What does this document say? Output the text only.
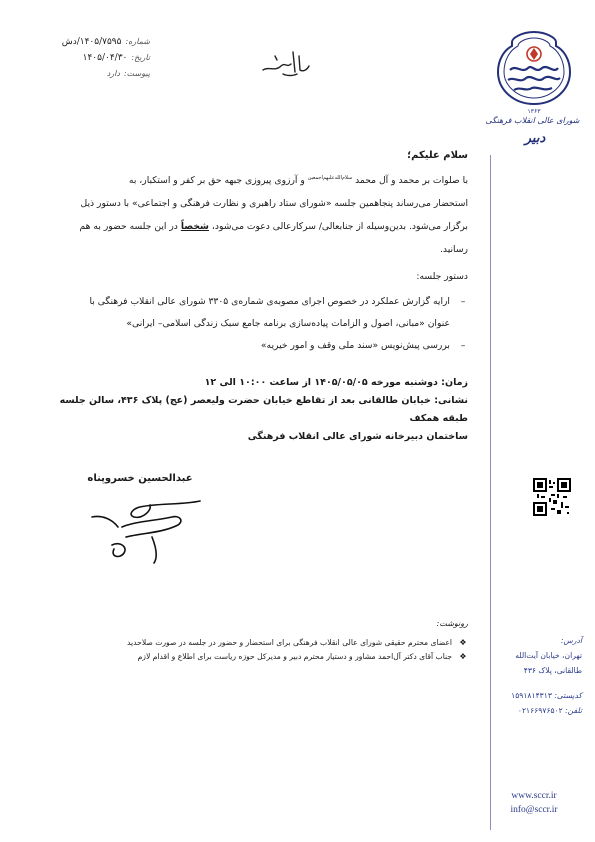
شماره:
۱۴۰۵/۷۵۹۵/دش
تاریخ:
۱۴۰۵/۰۴/۳۰
پیوست:
دارد
۱۳۶۳
شورای عالی انقلاب فرهنگی
دبیر
سلام علیکم؛

با صلوات بر محمد و آل محمد $^{سلام‌الله‌علیهم‌اجمعین}$ و آرزوی پیروزی جبهه حق بر کفر و استکبار، به

استحضار می‌رساند پنجاهمین جلسه «شورای ستاد راهبری و نظارت فرهنگی و اجتماعی» با دستور ذیل

برگزار می‌شود. بدین‌وسیله از جنابعالی/ سرکارعالی دعوت می‌شود، شخصاً در این جلسه حضور به هم

رسانید.

دستور جلسه:
–
ارایه گزارش عملکرد در خصوص اجرای مصوبه‌ی شماره‌ی ۳۳۰۵ شورای عالی انقلاب فرهنگی با
عنوان «مبانی، اصول و الزامات پیاده‌سازی برنامه جامع سبک زندگی اسلامی– ایرانی»
–
بررسی پیش‌نویس «سند ملی وقف و امور خیریه»
زمان: دوشنبه مورخه ۱۴۰۵/۰۵/۰۵ از ساعت ۱۰:۰۰ الی ۱۲
نشانی: خیابان طالقانی بعد از تقاطع خیابان حضرت ولیعصر (عج) پلاک ۴۳۶، سالن جلسه طبقه همکف
ساختمان دبیرخانه شورای عالی انقلاب فرهنگی
عبدالحسین خسروپناه
رونوشت:
❖
اعضای محترم حقیقی شورای عالی انقلاب فرهنگی برای استحضار و حضور در جلسه در صورت صلاحدید
❖
جناب آقای دکتر آل‌احمد مشاور و دستیار محترم دبیر و مدیرکل حوزه ریاست برای اطلاع و اقدام لازم
آدرس:
تهران، خیابان آیت‌الله
طالقانی، پلاک ۴۳۶
کدپستی: ۱۵۹۱۸۱۴۳۱۳
تلفن: ۰۲۱۶۶۹۷۶۵۰۲
www.sccr.ir
info@sccr.ir
